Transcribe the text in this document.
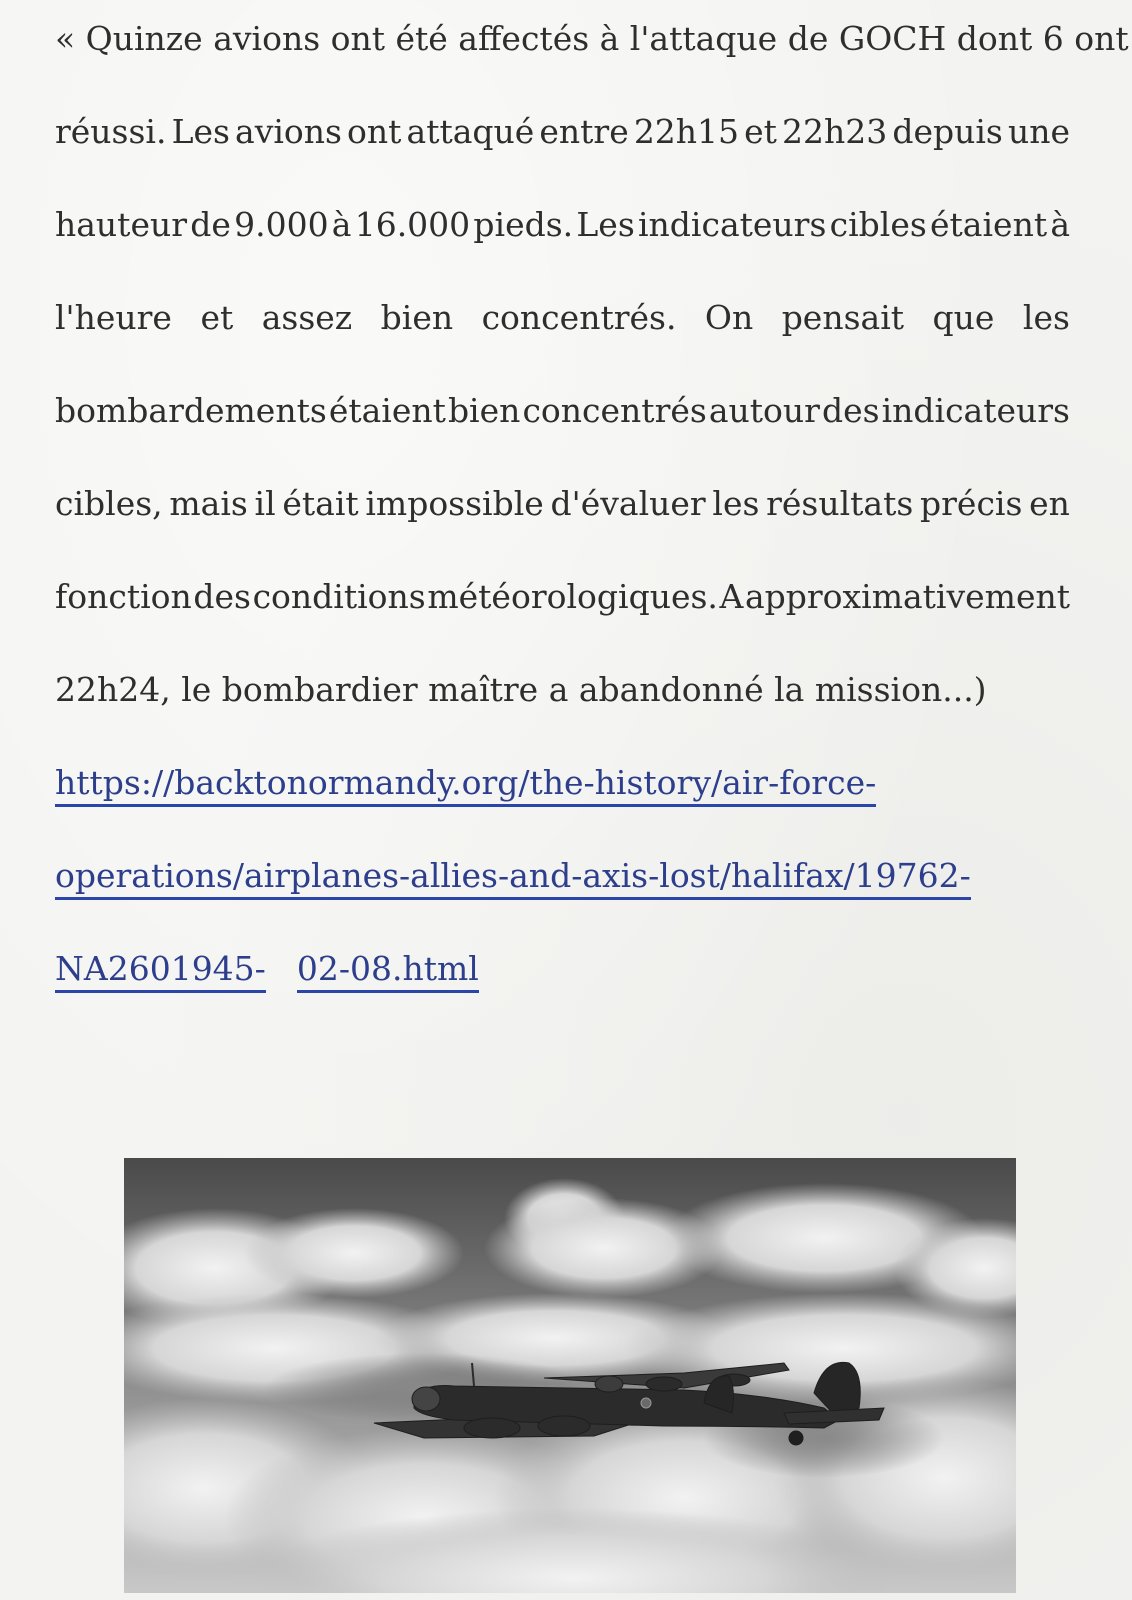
« Quinze avions ont été affectés à l'attaque de GOCH dont 6 ont
réussi. Les avions ont attaqué entre 22h15 et 22h23 depuis une
hauteur de 9.000 à 16.000 pieds. Les indicateurs cibles étaient à
l'heure et assez bien concentrés. On pensait que les
bombardements étaient bien concentrés autour des indicateurs
cibles, mais il était impossible d'évaluer les résultats précis en
fonction des conditions météorologiques. A approximativement
22h24, le bombardier maître a abandonné la mission...)
https://backtonormandy.org/the-history/air-force-
operations/airplanes-allies-and-axis-lost/halifax/19762-
NA2601945- 02-08.html
